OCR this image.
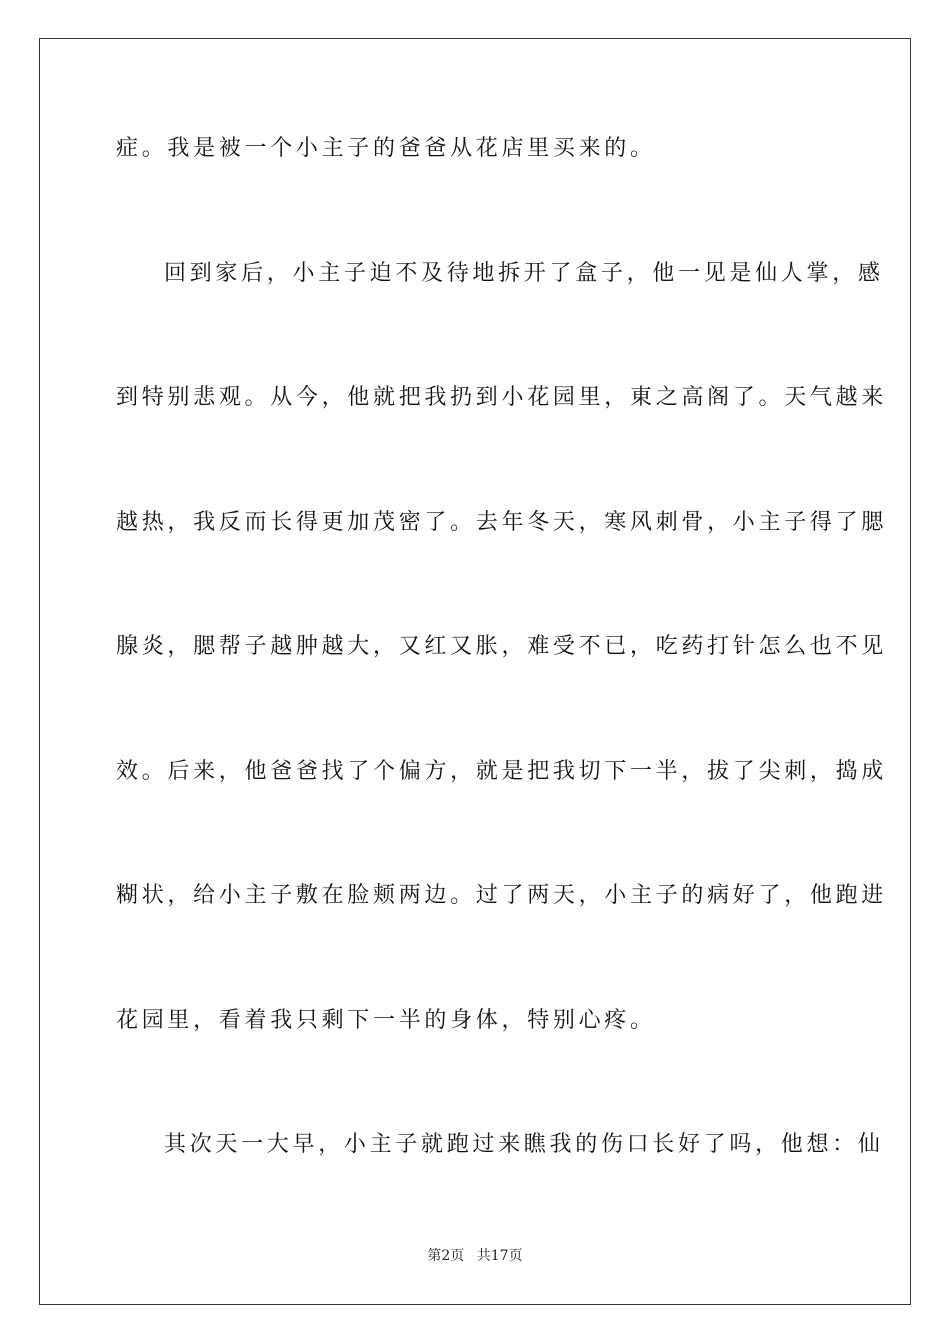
症。我是被一个小主子的爸爸从花店里买来的。
回到家后，小主子迫不及待地拆开了盒子，他一见是仙人掌，感
到特别悲观。从今，他就把我扔到小花园里，東之高阁了。天气越来
越热，我反而长得更加茂密了。去年冬天，寒风刺骨，小主子得了腮
腺炎，腮帮子越肿越大，又红又胀，难受不已，吃药打针怎么也不见
效。后来，他爸爸找了个偏方，就是把我切下一半，拔了尖刺，捣成
糊状，给小主子敷在脸颊两边。过了两天，小主子的病好了，他跑进
花园里，看着我只剩下一半的身体，特别心疼。
其次天一大早，小主子就跑过来瞧我的伤口长好了吗，他想：仙
第2页 共17页
